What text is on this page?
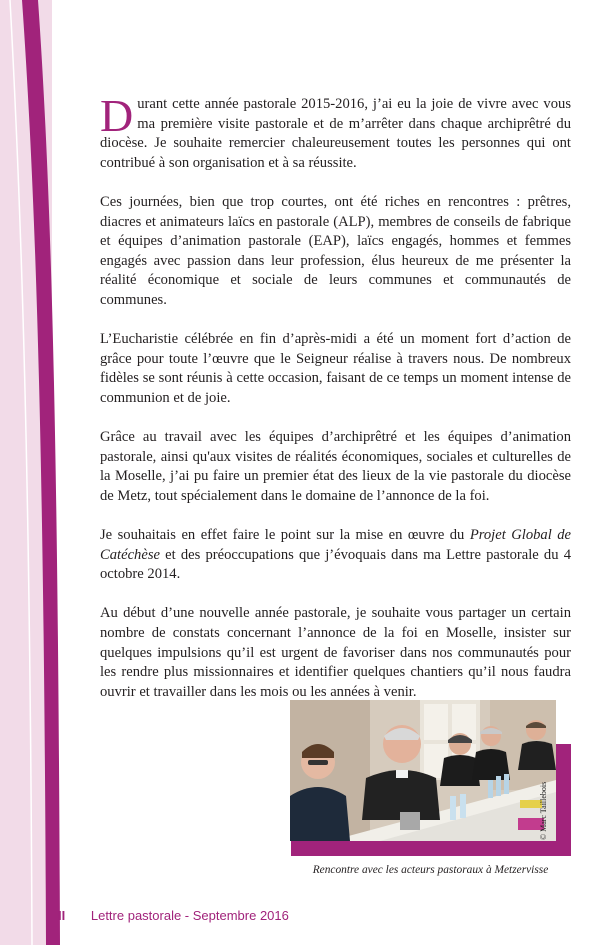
Durant cette année pastorale 2015-2016, j’ai eu la joie de vivre avec vous ma première visite pastorale et de m’arrêter dans chaque archiprêtré du diocèse. Je souhaite remercier chaleureusement toutes les personnes qui ont contribué à son organisation et à sa réussite.

Ces journées, bien que trop courtes, ont été riches en rencontres : prêtres, diacres et animateurs laïcs en pastorale (ALP), membres de conseils de fabrique et équipes d’animation pastorale (EAP), laïcs engagés, hommes et femmes engagés avec passion dans leur profession, élus heureux de me présenter la réalité économique et sociale de leurs communes et communautés de communes.

L’Eucharistie célébrée en fin d’après-midi a été un moment fort d’action de grâce pour toute l’œuvre que le Seigneur réalise à travers nous. De nombreux fidèles se sont réunis à cette occasion, faisant de ce temps un moment intense de communion et de joie.

Grâce au travail avec les équipes d’archiprêtré et les équipes d’animation pastorale, ainsi qu'aux visites de réalités économiques, sociales et culturelles de la Moselle, j’ai pu faire un premier état des lieux de la vie pastorale du diocèse de Metz, tout spécialement dans le domaine de l’annonce de la foi.

Je souhaitais en effet faire le point sur la mise en œuvre du Projet Global de Catéchèse et des préoccupations que j’évoquais dans ma Lettre pastorale du 4 octobre 2014.

Au début d’une nouvelle année pastorale, je souhaite vous partager un certain nombre de constats concernant l’annonce de la foi en Moselle, insister sur quelques impulsions qu’il est urgent de favoriser dans nos communautés pour les rendre plus missionnaires et identifier quelques chantiers qu’il nous faudra ouvrir et travailler dans les mois ou les années à venir.

© Marc Taillebois
Rencontre avec les acteurs pastoraux à Metzervisse
II Lettre pastorale - Septembre 2016
